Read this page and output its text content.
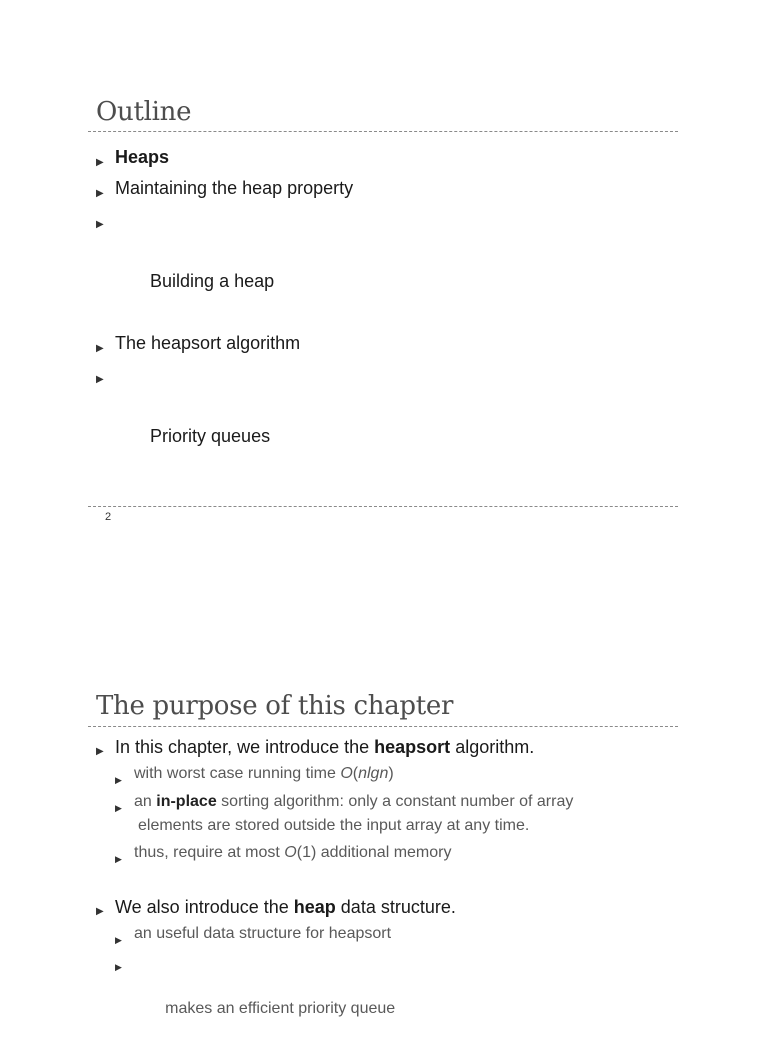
Outline
▶ Heaps
▶ Maintaining the heap property

▶

Building a heap

▶ The heapsort algorithm

▶

Priority queues

2
The purpose of this chapter
▶ In this chapter, we introduce the heapsort algorithm.
▶ with worst case running time O(nlgn)
▶ an in-place sorting algorithm: only a constant number of array
elements are stored outside the input array at any time.
▶ thus, require at most O(1) additional memory
▶ We also introduce the heap data structure.
▶ an useful data structure for heapsort

▶

makes an efficient priority queue
